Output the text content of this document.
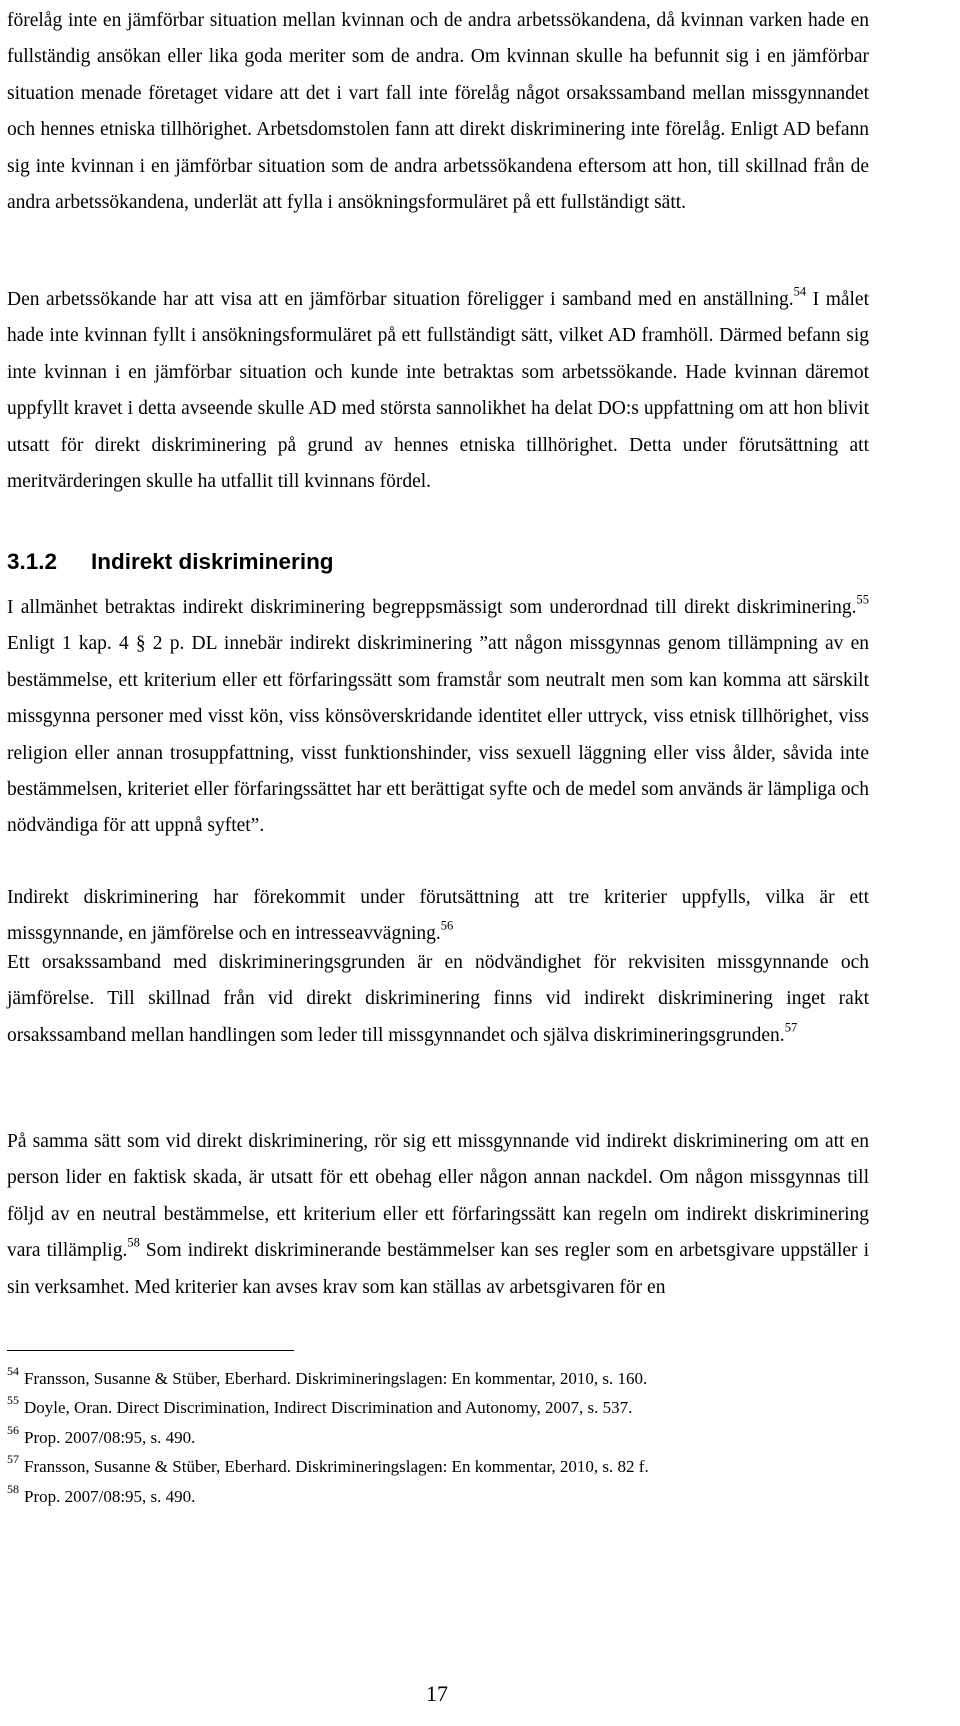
förelåg inte en jämförbar situation mellan kvinnan och de andra arbetssökandena, då kvinnan varken hade en fullständig ansökan eller lika goda meriter som de andra. Om kvinnan skulle ha befunnit sig i en jämförbar situation menade företaget vidare att det i vart fall inte förelåg något orsakssamband mellan missgynnandet och hennes etniska tillhörighet. Arbetsdomstolen fann att direkt diskriminering inte förelåg. Enligt AD befann sig inte kvinnan i en jämförbar situation som de andra arbetssökandena eftersom att hon, till skillnad från de andra arbetssökandena, underlät att fylla i ansökningsformuläret på ett fullständigt sätt.

Den arbetssökande har att visa att en jämförbar situation föreligger i samband med en anställning.$^{54}$ I målet hade inte kvinnan fyllt i ansökningsformuläret på ett fullständigt sätt, vilket AD framhöll. Därmed befann sig inte kvinnan i en jämförbar situation och kunde inte betraktas som arbetssökande. Hade kvinnan däremot uppfyllt kravet i detta avseende skulle AD med största sannolikhet ha delat DO:s uppfattning om att hon blivit utsatt för direkt diskriminering på grund av hennes etniska tillhörighet. Detta under förutsättning att meritvärderingen skulle ha utfallit till kvinnans fördel.

3.1.2 Indirekt diskriminering

I allmänhet betraktas indirekt diskriminering begreppsmässigt som underordnad till direkt diskriminering.$^{55}$ Enligt 1 kap. 4 § 2 p. DL innebär indirekt diskriminering ”att någon missgynnas genom tillämpning av en bestämmelse, ett kriterium eller ett förfaringssätt som framstår som neutralt men som kan komma att särskilt missgynna personer med visst kön, viss könsöverskridande identitet eller uttryck, viss etnisk tillhörighet, viss religion eller annan trosuppfattning, visst funktionshinder, viss sexuell läggning eller viss ålder, såvida inte bestämmelsen, kriteriet eller förfaringssättet har ett berättigat syfte och de medel som används är lämpliga och nödvändiga för att uppnå syftet”.

Indirekt diskriminering har förekommit under förutsättning att tre kriterier uppfylls, vilka är ett missgynnande, en jämförelse och en intresseavvägning.$^{56}$

Ett orsakssamband med diskrimineringsgrunden är en nödvändighet för rekvisiten missgynnande och jämförelse. Till skillnad från vid direkt diskriminering finns vid indirekt diskriminering inget rakt orsakssamband mellan handlingen som leder till missgynnandet och själva diskrimineringsgrunden.$^{57}$

På samma sätt som vid direkt diskriminering, rör sig ett missgynnande vid indirekt diskriminering om att en person lider en faktisk skada, är utsatt för ett obehag eller någon annan nackdel. Om någon missgynnas till följd av en neutral bestämmelse, ett kriterium eller ett förfaringssätt kan regeln om indirekt diskriminering vara tillämplig.$^{58}$ Som indirekt diskriminerande bestämmelser kan ses regler som en arbetsgivare uppställer i sin verksamhet. Med kriterier kan avses krav som kan ställas av arbetsgivaren för en

$^{54}$ Fransson, Susanne & Stüber, Eberhard. Diskrimineringslagen: En kommentar, 2010, s. 160.
$^{55}$ Doyle, Oran. Direct Discrimination, Indirect Discrimination and Autonomy, 2007, s. 537.
$^{56}$ Prop. 2007/08:95, s. 490.
$^{57}$ Fransson, Susanne & Stüber, Eberhard. Diskrimineringslagen: En kommentar, 2010, s. 82 f.
$^{58}$ Prop. 2007/08:95, s. 490.
17
